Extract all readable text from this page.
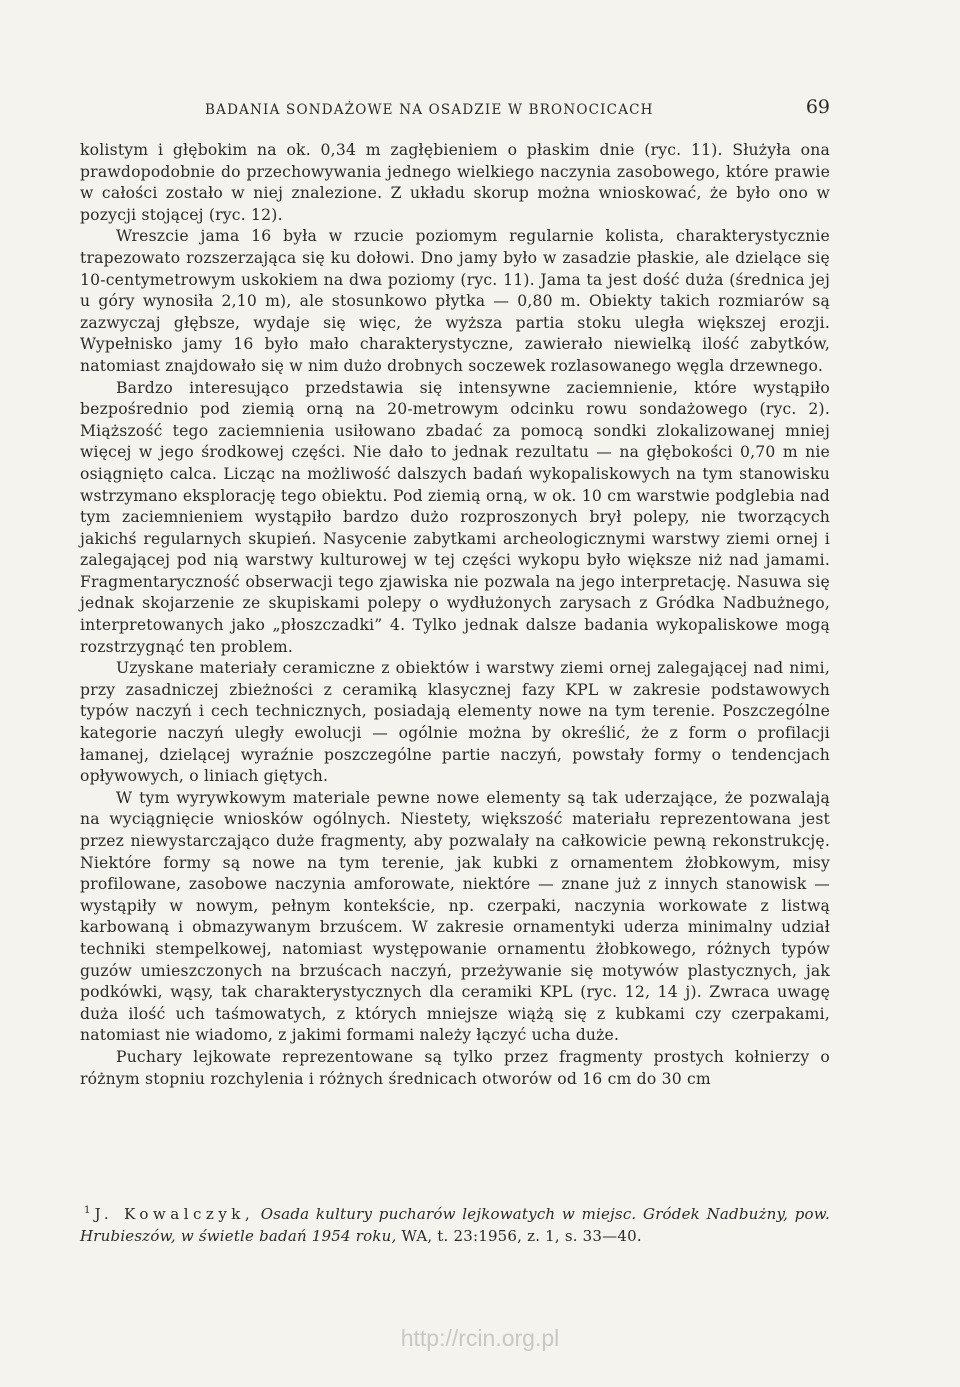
BADANIA SONDAŻOWE NA OSADZIE W BRONOCICACH	69

kolistym i głębokim na ok. 0,34 m zagłębieniem o płaskim dnie (ryc. 11). Służyła ona prawdopodobnie do przechowywania jednego wielkiego naczynia zasobowego, które prawie w całości zostało w niej znalezione. Z układu skorup można wnioskować, że było ono w pozycji stojącej (ryc. 12).

Wreszcie jama 16 była w rzucie poziomym regularnie kolista, charakterystycznie trapezowato rozszerzająca się ku dołowi. Dno jamy było w zasadzie płaskie, ale dzielące się 10-centymetrowym uskokiem na dwa poziomy (ryc. 11). Jama ta jest dość duża (średnica jej u góry wynosiła 2,10 m), ale stosunkowo płytka — 0,80 m. Obiekty takich rozmiarów są zazwyczaj głębsze, wydaje się więc, że wyższa partia stoku uległa większej erozji. Wypełnisko jamy 16 było mało charakterystyczne, zawierało niewielką ilość zabytków, natomiast znajdowało się w nim dużo drobnych soczewek rozlasowanego węgla drzewnego.

Bardzo interesująco przedstawia się intensywne zaciemnienie, które wystąpiło bezpośrednio pod ziemią orną na 20-metrowym odcinku rowu sondażowego (ryc. 2). Miąższość tego zaciemnienia usiłowano zbadać za pomocą sondki zlokalizowanej mniej więcej w jego środkowej części. Nie dało to jednak rezultatu — na głębokości 0,70 m nie osiągnięto calca. Licząc na możliwość dalszych badań wykopaliskowych na tym stanowisku wstrzymano eksplorację tego obiektu. Pod ziemią orną, w ok. 10 cm warstwie podglebia nad tym zaciemnieniem wystąpiło bardzo dużo rozproszonych brył polepy, nie tworzących jakichś regularnych skupień. Nasycenie zabytkami archeologicznymi warstwy ziemi ornej i zalegającej pod nią warstwy kulturowej w tej części wykopu było większe niż nad jamami. Fragmentaryczność obserwacji tego zjawiska nie pozwala na jego interpretację. Nasuwa się jednak skojarzenie ze skupiskami polepy o wydłużonych zarysach z Gródka Nadbużnego, interpretowanych jako „płoszczadki” 4. Tylko jednak dalsze badania wykopaliskowe mogą rozstrzygnąć ten problem.

Uzyskane materiały ceramiczne z obiektów i warstwy ziemi ornej zalegającej nad nimi, przy zasadniczej zbieżności z ceramiką klasycznej fazy KPL w zakresie podstawowych typów naczyń i cech technicznych, posiadają elementy nowe na tym terenie. Poszczególne kategorie naczyń uległy ewolucji — ogólnie można by określić, że z form o profilacji łamanej, dzielącej wyraźnie poszczególne partie naczyń, powstały formy o tendencjach opływowych, o liniach giętych.

W tym wyrywkowym materiale pewne nowe elementy są tak uderzające, że pozwalają na wyciągnięcie wniosków ogólnych. Niestety, większość materiału reprezentowana jest przez niewystarczająco duże fragmenty, aby pozwalały na całkowicie pewną rekonstrukcję. Niektóre formy są nowe na tym terenie, jak kubki z ornamentem żłobkowym, misy profilowane, zasobowe naczynia amforowate, niektóre — znane już z innych stanowisk — wystąpiły w nowym, pełnym kontekście, np. czerpaki, naczynia workowate z listwą karbowaną i obmazywanym brzuścem. W zakresie ornamentyki uderza minimalny udział techniki stempelkowej, natomiast występowanie ornamentu żłobkowego, różnych typów guzów umieszczonych na brzuścach naczyń, przeżywanie się motywów plastycznych, jak podkówki, wąsy, tak charakterystycznych dla ceramiki KPL (ryc. 12, 14 j). Zwraca uwagę duża ilość uch taśmowatych, z których mniejsze wiążą się z kubkami czy czerpakami, natomiast nie wiadomo, z jakimi formami należy łączyć ucha duże.

Puchary lejkowate reprezentowane są tylko przez fragmenty prostych kołnierzy o różnym stopniu rozchylenia i różnych średnicach otworów od 16 cm do 30 cm

$^1$ J. Kowalczyk, Osada kultury pucharów lejkowatych w miejsc. Gródek Nadbużny, pow. Hrubieszów, w świetle badań 1954 roku, WA, t. 23:1956, z. 1, s. 33—40.
http://rcin.org.pl
